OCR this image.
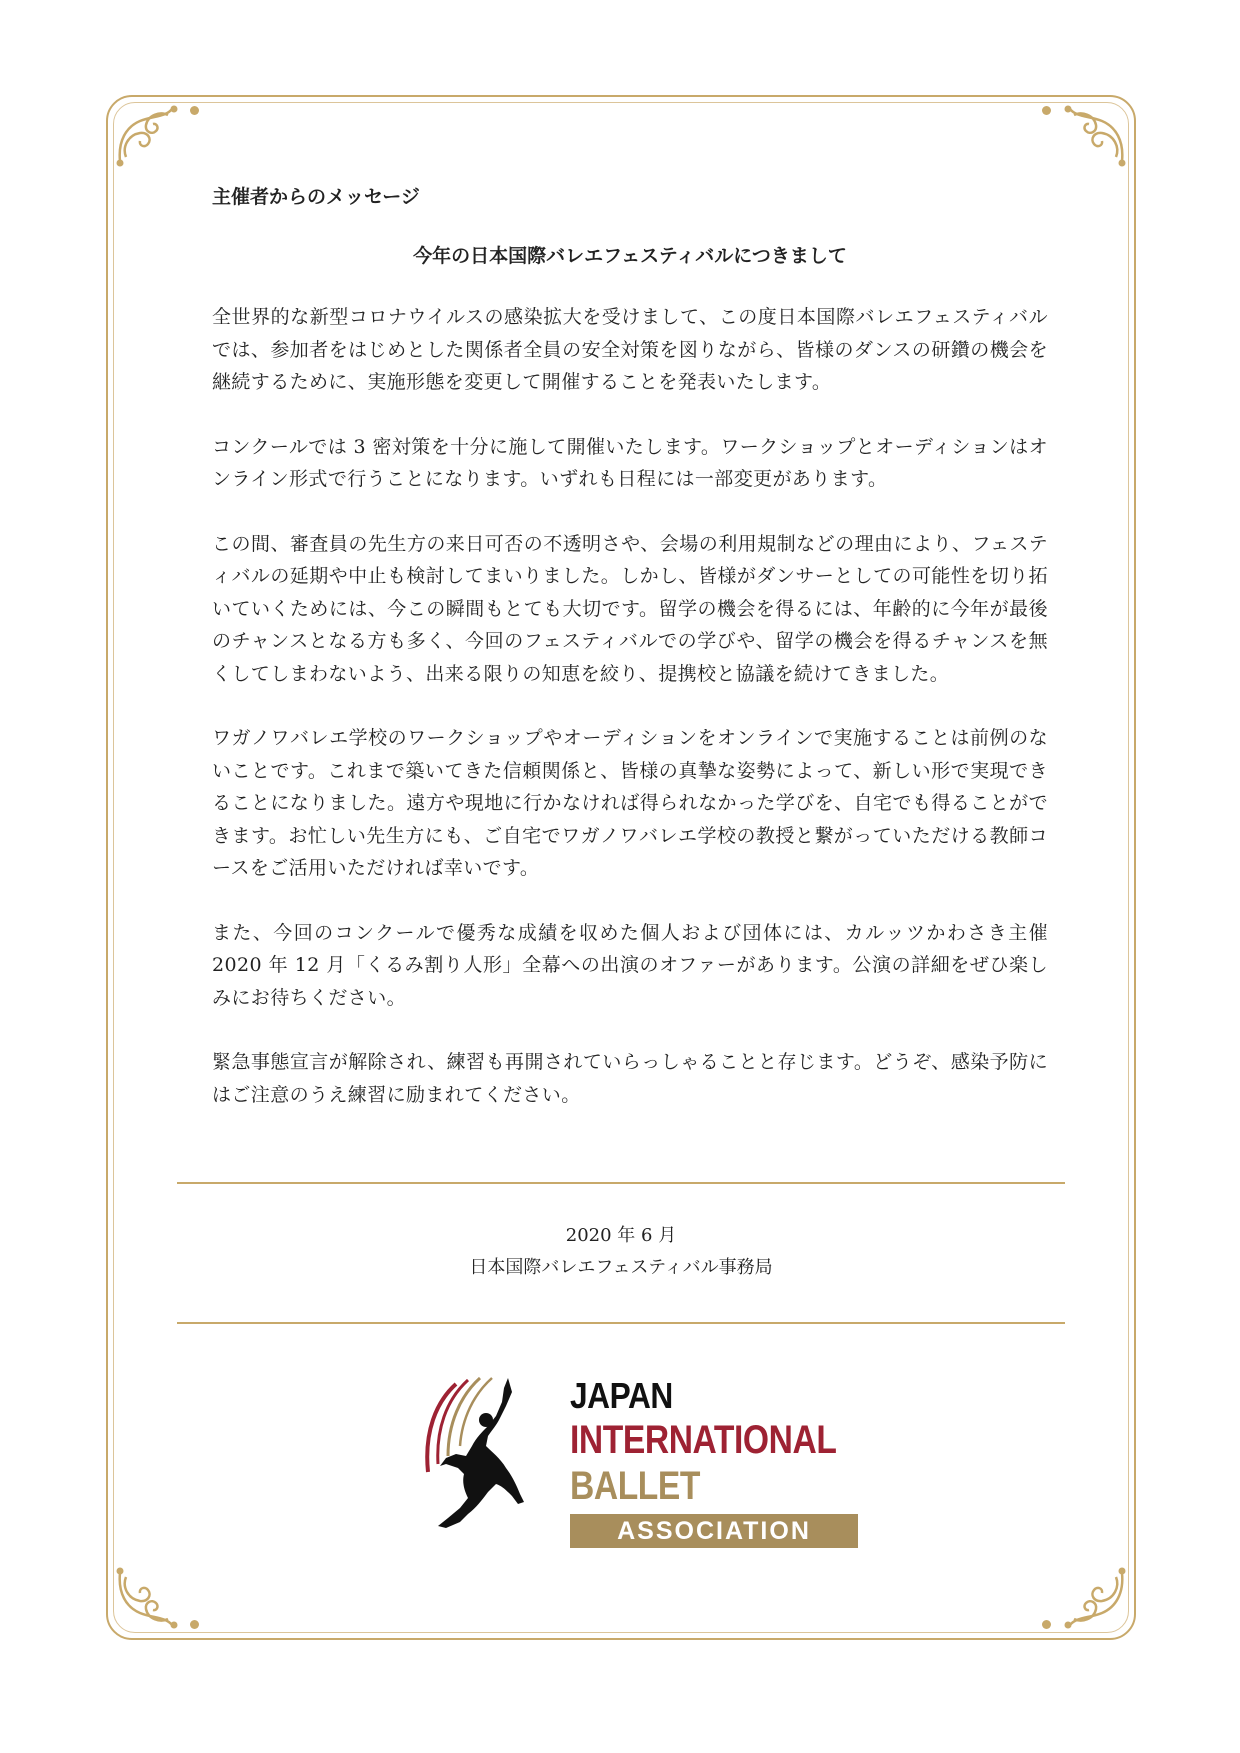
主催者からのメッセージ
今年の日本国際バレエフェスティバルにつきまして

全世界的な新型コロナウイルスの感染拡大を受けまして、この度日本国際バレエフェスティバルでは、参加者をはじめとした関係者全員の安全対策を図りながら、皆様のダンスの研鑽の機会を継続するために、実施形態を変更して開催することを発表いたします。

コンクールでは 3 密対策を十分に施して開催いたします。ワークショップとオーディションはオンライン形式で行うことになります。いずれも日程には一部変更があります。

この間、審査員の先生方の来日可否の不透明さや、会場の利用規制などの理由により、フェスティバルの延期や中止も検討してまいりました。しかし、皆様がダンサーとしての可能性を切り拓いていくためには、今この瞬間もとても大切です。留学の機会を得るには、年齢的に今年が最後のチャンスとなる方も多く、今回のフェスティバルでの学びや、留学の機会を得るチャンスを無くしてしまわないよう、出来る限りの知恵を絞り、提携校と協議を続けてきました。

ワガノワバレエ学校のワークショップやオーディションをオンラインで実施することは前例のないことです。これまで築いてきた信頼関係と、皆様の真摯な姿勢によって、新しい形で実現できることになりました。遠方や現地に行かなければ得られなかった学びを、自宅でも得ることができます。お忙しい先生方にも、ご自宅でワガノワバレエ学校の教授と繋がっていただける教師コースをご活用いただければ幸いです。

また、今回のコンクールで優秀な成績を収めた個人および団体には、カルッツかわさき主催 2020 年 12 月「くるみ割り人形」全幕への出演のオファーがあります。公演の詳細をぜひ楽しみにお待ちください。

緊急事態宣言が解除され、練習も再開されていらっしゃることと存じます。どうぞ、感染予防にはご注意のうえ練習に励まれてください。

2020 年 6 月
日本国際バレエフェスティバル事務局
JAPAN
INTERNATIONAL
BALLET
ASSOCIATION
